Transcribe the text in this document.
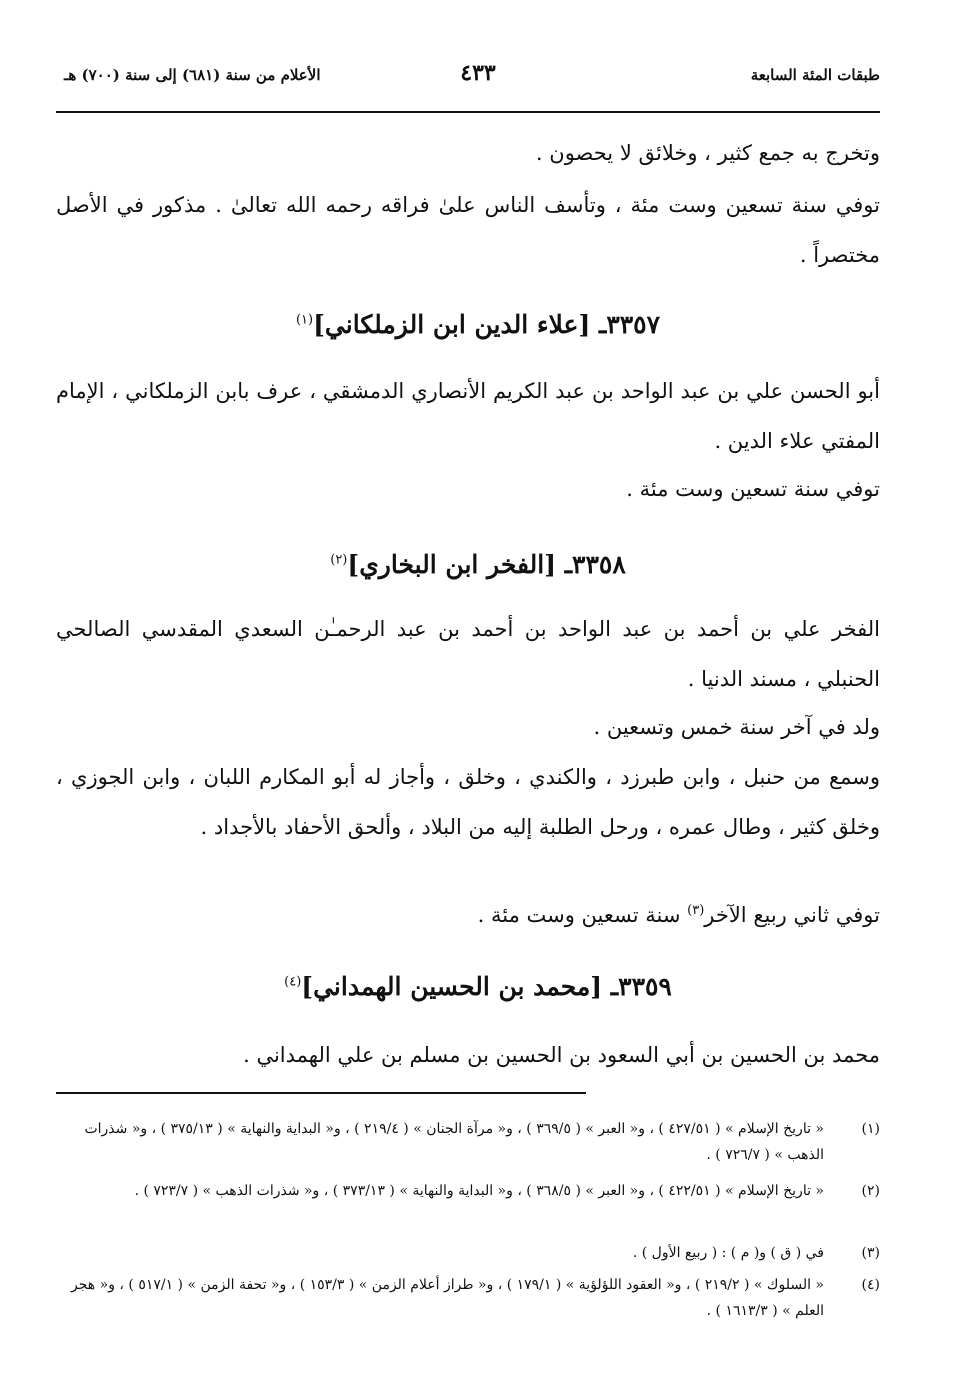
طبقات المئة السابعة
٤٣٣
الأعلام من سنة (٦٨١) إلى سنة (٧٠٠) هـ
وتخرج به جمع كثير ، وخلائق لا يحصون .
توفي سنة تسعين وست مئة ، وتأسف الناس علىٰ فراقه رحمه الله تعالىٰ . مذكور في الأصل مختصراً .
٣٣٥٧ـ [علاء الدين ابن الزملكاني]$^{(١)}$
أبو الحسن علي بن عبد الواحد بن عبد الكريم الأنصاري الدمشقي ، عرف بابن الزملكاني ، الإمام المفتي علاء الدين .
توفي سنة تسعين وست مئة .
٣٣٥٨ـ [الفخر ابن البخاري]$^{(٢)}$
الفخر علي بن أحمد بن عبد الواحد بن أحمد بن عبد الرحمـٰن السعدي المقدسي الصالحي الحنبلي ، مسند الدنيا .
ولد في آخر سنة خمس وتسعين .
وسمع من حنبل ، وابن طبرزد ، والكندي ، وخلق ، وأجاز له أبو المكارم اللبان ، وابن الجوزي ، وخلق كثير ، وطال عمره ، ورحل الطلبة إليه من البلاد ، وألحق الأحفاد بالأجداد .
توفي ثاني ربيع الآخر$^{(٣)}$ سنة تسعين وست مئة .
٣٣٥٩ـ [محمد بن الحسين الهمداني]$^{(٤)}$
محمد بن الحسين بن أبي السعود بن الحسين بن مسلم بن علي الهمداني .
(١)
« تاريخ الإسلام » ( ٤٢٧/٥١ ) ، و« العبر » ( ٣٦٩/٥ ) ، و« مرآة الجنان » ( ٢١٩/٤ ) ، و« البداية والنهاية » ( ٣٧٥/١٣ ) ، و« شذرات الذهب » ( ٧٢٦/٧ ) .
(٢)
« تاريخ الإسلام » ( ٤٢٢/٥١ ) ، و« العبر » ( ٣٦٨/٥ ) ، و« البداية والنهاية » ( ٣٧٣/١٣ ) ، و« شذرات الذهب » ( ٧٢٣/٧ ) .
(٣)
في ( ق ) و( م ) : ( ربيع الأول ) .
(٤)
« السلوك » ( ٢١٩/٢ ) ، و« العقود اللؤلؤية » ( ١٧٩/١ ) ، و« طراز أعلام الزمن » ( ١٥٣/٣ ) ، و« تحفة الزمن » ( ٥١٧/١ ) ، و« هجر العلم » ( ١٦١٣/٣ ) .
